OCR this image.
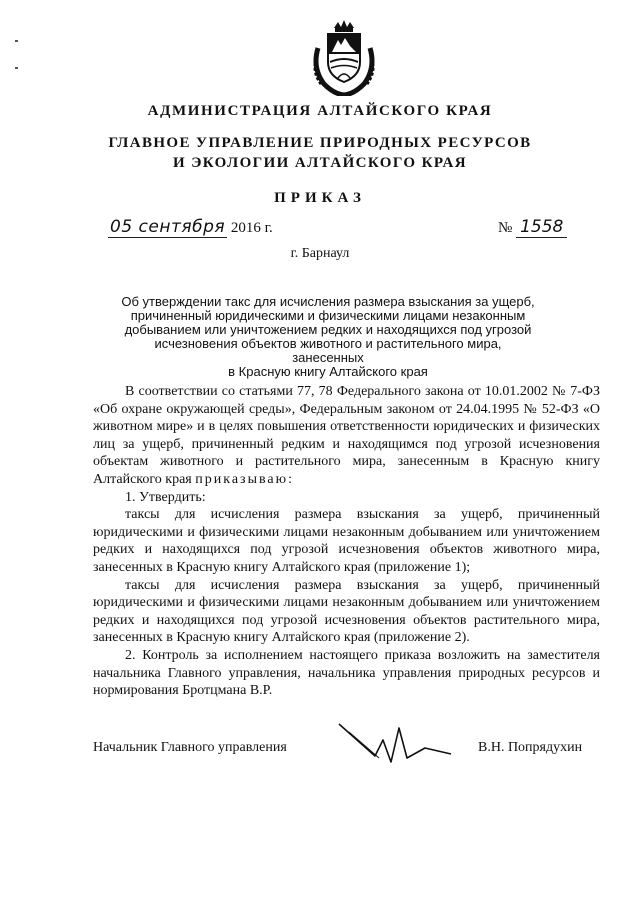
АДМИНИСТРАЦИЯ АЛТАЙСКОГО КРАЯ
ГЛАВНОЕ УПРАВЛЕНИЕ ПРИРОДНЫХ РЕСУРСОВ
И ЭКОЛОГИИ АЛТАЙСКОГО КРАЯ
ПРИКАЗ
05 сентября 2016 г.	№ 1558
г. Барнаул
Об утверждении такс для исчисления размера взыскания за ущерб,
причиненный юридическими и физическими лицами незаконным
добыванием или уничтожением редких и находящихся под угрозой
исчезновения объектов животного и растительного мира, занесенных
в Красную книгу Алтайского края

В соответствии со статьями 77, 78 Федерального закона от 10.01.2002 № 7-ФЗ «Об охране окружающей среды», Федеральным законом от 24.04.1995 № 52-ФЗ «О животном мире» и в целях повышения ответственности юридических и физических лиц за ущерб, причиненный редким и находящимся под угрозой исчезновения объектам животного и растительного мира, занесенным в Красную книгу Алтайского края приказываю:

1. Утвердить:

таксы для исчисления размера взыскания за ущерб, причиненный юридическими и физическими лицами незаконным добыванием или уничтожением редких и находящихся под угрозой исчезновения объектов животного мира, занесенных в Красную книгу Алтайского края (приложение 1);

таксы для исчисления размера взыскания за ущерб, причиненный юридическими и физическими лицами незаконным добыванием или уничтожением редких и находящихся под угрозой исчезновения объектов растительного мира, занесенных в Красную книгу Алтайского края (приложение 2).

2. Контроль за исполнением настоящего приказа возложить на заместителя начальника Главного управления, начальника управления природных ресурсов и нормирования Бротцмана В.Р.

Начальник Главного управления	В.Н. Попрядухин
